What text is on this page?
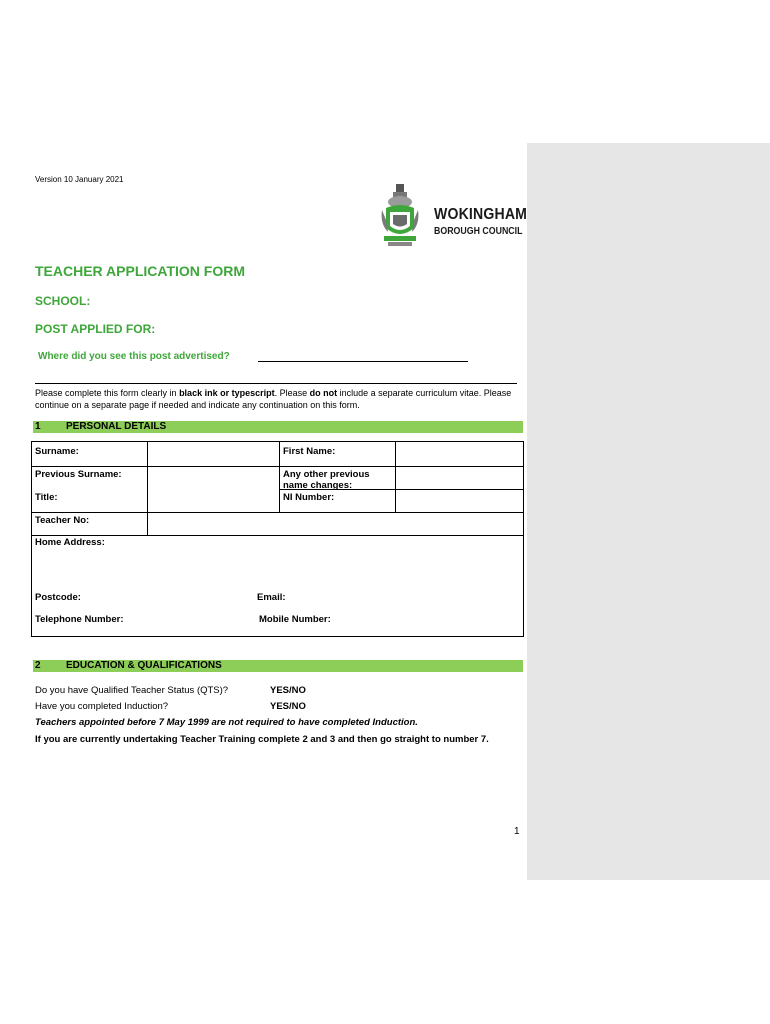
Version 10 January 2021
WOKINGHAM
BOROUGH COUNCIL
TEACHER APPLICATION FORM
SCHOOL:
POST APPLIED FOR:
Where did you see this post advertised?
Please complete this form clearly in black ink or typescript. Please do not include a separate curriculum vitae. Please continue on a separate page if needed and indicate any continuation on this form.
1	PERSONAL DETAILS
Surname:	First Name:
Previous Surname:	Any other previous name changes:
Title:	NI Number:
Teacher No:
Home Address:
Postcode:	Email:
Telephone Number:	Mobile Number:
2	EDUCATION & QUALIFICATIONS
Do you have Qualified Teacher Status (QTS)?	YES/NO
Have you completed Induction?	YES/NO
Teachers appointed before 7 May 1999 are not required to have completed Induction.
If you are currently undertaking Teacher Training complete 2 and 3 and then go straight to number 7.
1
